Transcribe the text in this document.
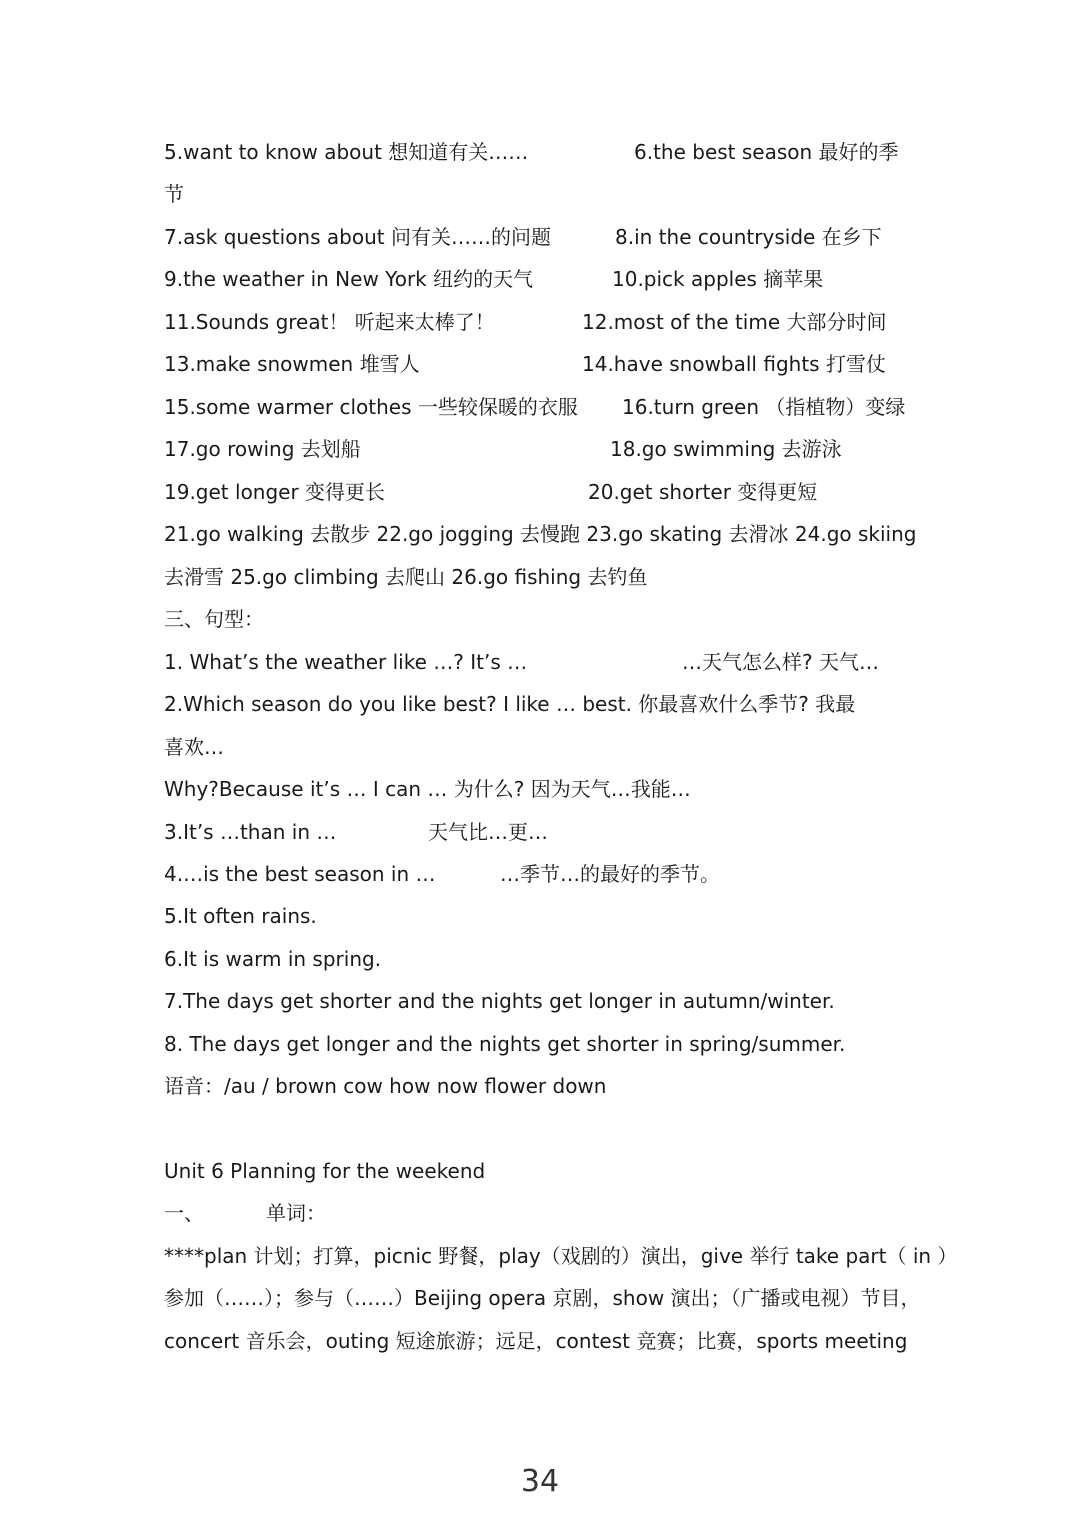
5.want to know about 想知道有关……	6.the best season 最好的季
节
7.ask questions about 问有关……的问题	8.in the countryside 在乡下
9.the weather in New York 纽约的天气	10.pick apples 摘苹果
11.Sounds great！ 听起来太棒了！	12.most of the time 大部分时间
13.make snowmen 堆雪人	14.have snowball fights 打雪仗
15.some warmer clothes 一些较保暖的衣服 16.turn green （指植物）变绿
17.go rowing 去划船	18.go swimming 去游泳
19.get longer 变得更长	20.get shorter 变得更短
21.go walking 去散步 22.go jogging 去慢跑 23.go skating 去滑冰 24.go skiing
去滑雪 25.go climbing 去爬山 26.go fishing 去钓鱼
三、句型：
1. What’s the weather like …? It’s …	…天气怎么样? 天气…
2.Which season do you like best? I like … best. 你最喜欢什么季节? 我最
喜欢…
Why?Because it’s … I can … 为什么? 因为天气…我能…
3.It’s …than in …	天气比…更…
4.…is the best season in …	…季节…的最好的季节。
5.It often rains.
6.It is warm in spring.
7.The days get shorter and the nights get longer in autumn/winter.
8. The days get longer and the nights get shorter in spring/summer.
语音：/au / brown cow how now flower down
Unit 6 Planning for the weekend
一、	单词：
****plan 计划；打算，picnic 野餐，play（戏剧的）演出，give 举行 take part（ in ）
参加（……）；参与（……）Beijing opera 京剧，show 演出；（广播或电视）节目，
concert 音乐会，outing 短途旅游；远足，contest 竞赛；比赛，sports meeting
34
